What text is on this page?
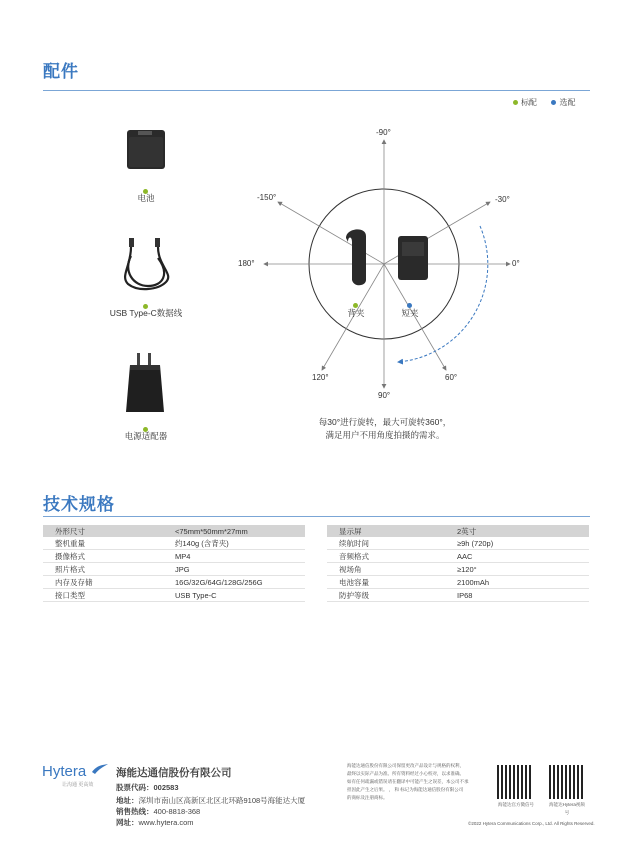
配件
标配	选配
电池
USB Type-C数据线
电源适配器
背夹	短夹
-90°
-150°	-30°
180°	0°
120°	60°
90°
每30°进行旋转，最大可旋转360°，
满足用户不用角度拍摄的需求。
技术规格
外形尺寸	<75mm*50mm*27mm
整机重量	约140g (含背夹)
摄像格式	MP4
照片格式	JPG
内存及存储	16G/32G/64G/128G/256G
接口类型	USB Type-C
显示屏	2英寸
续航时间	≥9h (720p)
音频格式	AAC
视场角	≥120°
电池容量	2100mAh
防护等级	IP68
Hytera
让沟通 更高效
海能达通信股份有限公司
股票代码：002583
地址：深圳市南山区高新区北区北环路9108号海能达大厦
销售热线：400-8818-368
网址：www.hytera.com
海能达通信股份有限公司保留更改产品设计与规格的权利，
最终以实际产品为准。所有资料经过小心校对，以求准确。
如有任何疏漏或错误请在翻译中可能产生之误差，本公司不承
担因此产生之后果。 ， 和 标记为海能达通信股份有限公司
的商标及注册商标。
©2022 Hytera Communications Corp., Ltd. All Rights Reserved.
海能达官方微信号	海能达Hytera视频号
